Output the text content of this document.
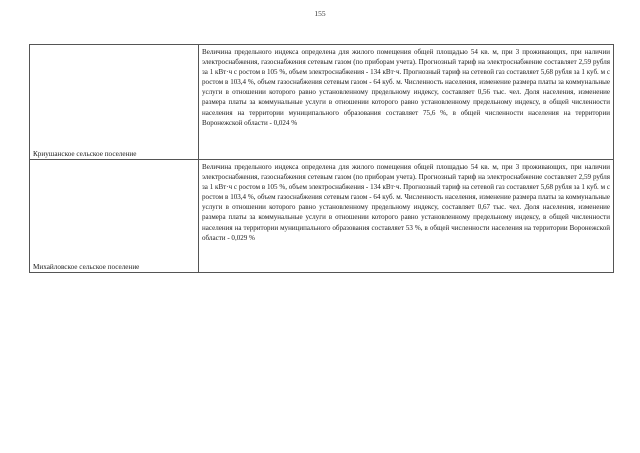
155
Криушанское сельское поселение	Величина предельного индекса определена для жилого помещения общей площадью 54 кв. м, при 3 проживающих, при наличии электроснабжения, газоснабжения сетевым газом (по приборам учета). Прогнозный тариф на электроснабжение составляет 2,59 рубля за 1 кВт·ч с ростом в 105 %, объем электроснабжения - 134 кВт·ч. Прогнозный тариф на сетевой газ составляет 5,68 рубля за 1 куб. м с ростом в 103,4 %, объем газоснабжения сетевым газом - 64 куб. м. Численность населения, изменение размера платы за коммунальные услуги в отношении которого равно установленному предельному индексу, составляет 0,56 тыс. чел. Доля населения, изменение размера платы за коммунальные услуги в отношении которого равно установленному предельному индексу, в общей численности населения на территории муниципального образования составляет 75,6 %, в общей численности населения на территории Воронежской области - 0,024 %

Михайловское сельское поселение	Величина предельного индекса определена для жилого помещения общей площадью 54 кв. м, при 3 проживающих, при наличии электроснабжения, газоснабжения сетевым газом (по приборам учета). Прогнозный тариф на электроснабжение составляет 2,59 рубля за 1 кВт·ч с ростом в 105 %, объем электроснабжения - 134 кВт·ч. Прогнозный тариф на сетевой газ составляет 5,68 рубля за 1 куб. м с ростом в 103,4 %, объем газоснабжения сетевым газом - 64 куб. м. Численность населения, изменение размера платы за коммунальные услуги в отношении которого равно установленному предельному индексу, составляет 0,67 тыс. чел. Доля населения, изменение размера платы за коммунальные услуги в отношении которого равно установленному предельному индексу, в общей численности населения на территории муниципального образования составляет 53 %, в общей численности населения на территории Воронежской области - 0,029 %
